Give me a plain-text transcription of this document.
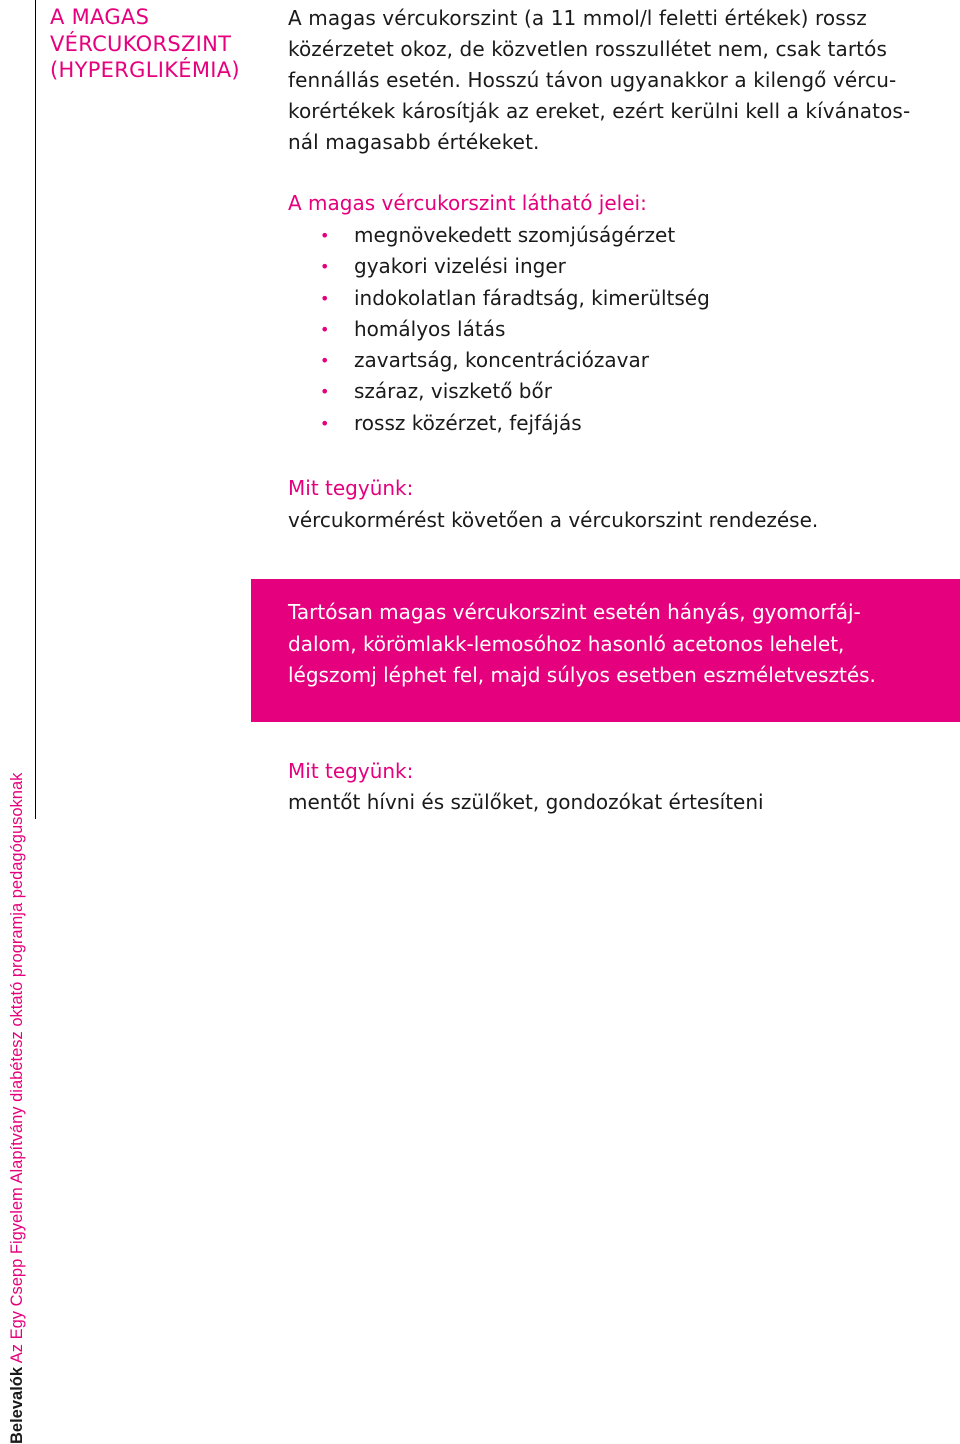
Belevalók Az Egy Csepp Figyelem Alapítvány diabétesz oktató programja pedagógusoknak
A MAGAS
VÉRCUKORSZINT
(HYPERGLIKÉMIA)
A magas vércukorszint (a 11 mmol/l feletti értékek) rossz
közérzetet okoz, de közvetlen rosszullétet nem, csak tartós
fennállás esetén. Hosszú távon ugyanakkor a kilengő vércu-
korértékek károsítják az ereket, ezért kerülni kell a kívánatos-
nál magasabb értékeket.
A magas vércukorszint látható jelei:
• megnövekedett szomjúságérzet
• gyakori vizelési inger
• indokolatlan fáradtság, kimerültség
• homályos látás
• zavartság, koncentrációzavar
• száraz, viszkető bőr
• rossz közérzet, fejfájás
Mit tegyünk:
vércukormérést követően a vércukorszint rendezése.
Mit tegyünk:
mentőt hívni és szülőket, gondozókat értesíteni
Tartósan magas vércukorszint esetén hányás, gyomorfáj-
dalom, körömlakk-lemosóhoz hasonló acetonos lehelet,
légszomj léphet fel, majd súlyos esetben eszméletvesztés.
